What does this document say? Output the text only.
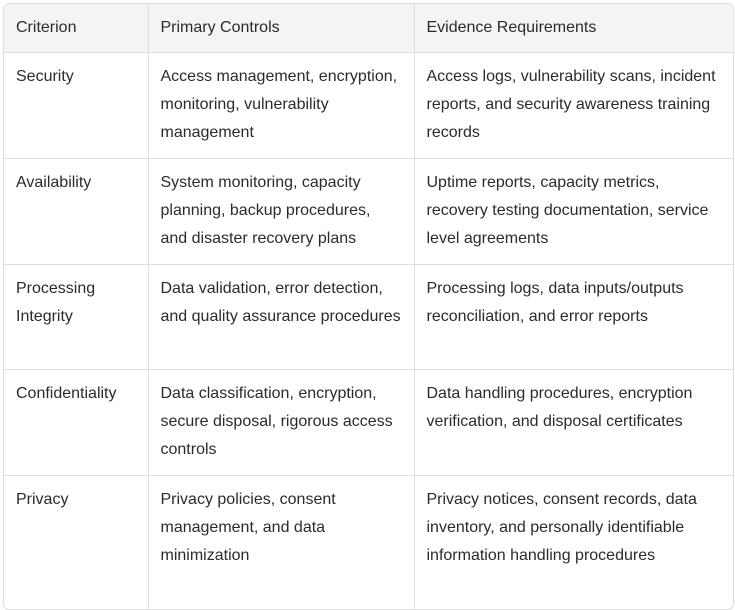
Criterion	Primary Controls	Evidence Requirements
Security	Access management, encryption, monitoring, vulnerability management	Access logs, vulnerability scans, incident reports, and security awareness training records
Availability	System monitoring, capacity planning, backup procedures, and disaster recovery plans	Uptime reports, capacity metrics, recovery testing documentation, service level agreements
Processing Integrity	Data validation, error detection, and quality assurance procedures	Processing logs, data inputs/outputs reconciliation, and error reports
Confidentiality	Data classification, encryption, secure disposal, rigorous access controls	Data handling procedures, encryption verification, and disposal certificates
Privacy	Privacy policies, consent management, and data minimization	Privacy notices, consent records, data inventory, and personally identifiable information handling procedures
